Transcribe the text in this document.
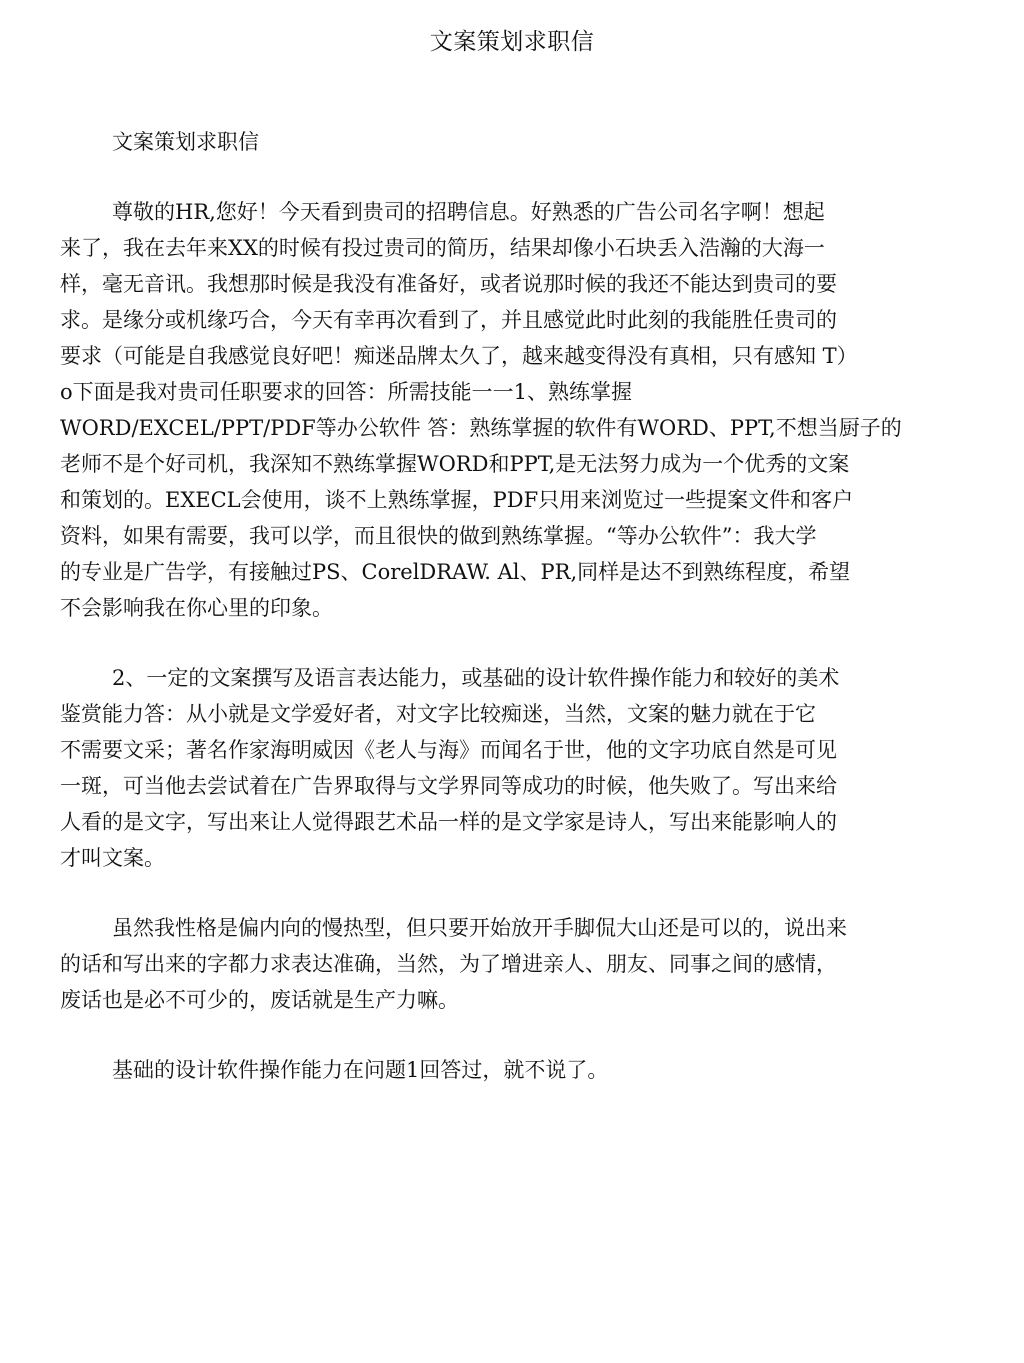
文案策划求职信
文案策划求职信
尊敬的HR,您好！今天看到贵司的招聘信息。好熟悉的广告公司名字啊！想起
来了，我在去年来XX的时候有投过贵司的简历，结果却像小石块丢入浩瀚的大海一
样，毫无音讯。我想那时候是我没有准备好，或者说那时候的我还不能达到贵司的要
求。是缘分或机缘巧合，今天有幸再次看到了，并且感觉此时此刻的我能胜任贵司的
要求（可能是自我感觉良好吧！痴迷品牌太久了，越来越变得没有真相，只有感知 T）
o下面是我对贵司任职要求的回答：所需技能一一1、熟练掌握
WORD/EXCEL/PPT/PDF等办公软件 答：熟练掌握的软件有WORD、PPT,不想当厨子的
老师不是个好司机，我深知不熟练掌握WORD和PPT,是无法努力成为一个优秀的文案
和策划的。EXECL会使用，谈不上熟练掌握，PDF只用来浏览过一些提案文件和客户
资料，如果有需要，我可以学，而且很快的做到熟练掌握。“等办公软件”：我大学
的专业是广告学，有接触过PS、CorelDRAW. Al、PR,同样是达不到熟练程度，希望
不会影响我在你心里的印象。
2、一定的文案撰写及语言表达能力，或基础的设计软件操作能力和较好的美术
鉴赏能力答：从小就是文学爱好者，对文字比较痴迷，当然，文案的魅力就在于它
不需要文采；著名作家海明威因《老人与海》而闻名于世，他的文字功底自然是可见
一斑，可当他去尝试着在广告界取得与文学界同等成功的时候，他失败了。写出来给
人看的是文字，写出来让人觉得跟艺术品一样的是文学家是诗人，写出来能影响人的
才叫文案。
虽然我性格是偏内向的慢热型，但只要开始放开手脚侃大山还是可以的，说出来
的话和写出来的字都力求表达准确，当然，为了增进亲人、朋友、同事之间的感情，
废话也是必不可少的，废话就是生产力嘛。
基础的设计软件操作能力在问题1回答过，就不说了。
